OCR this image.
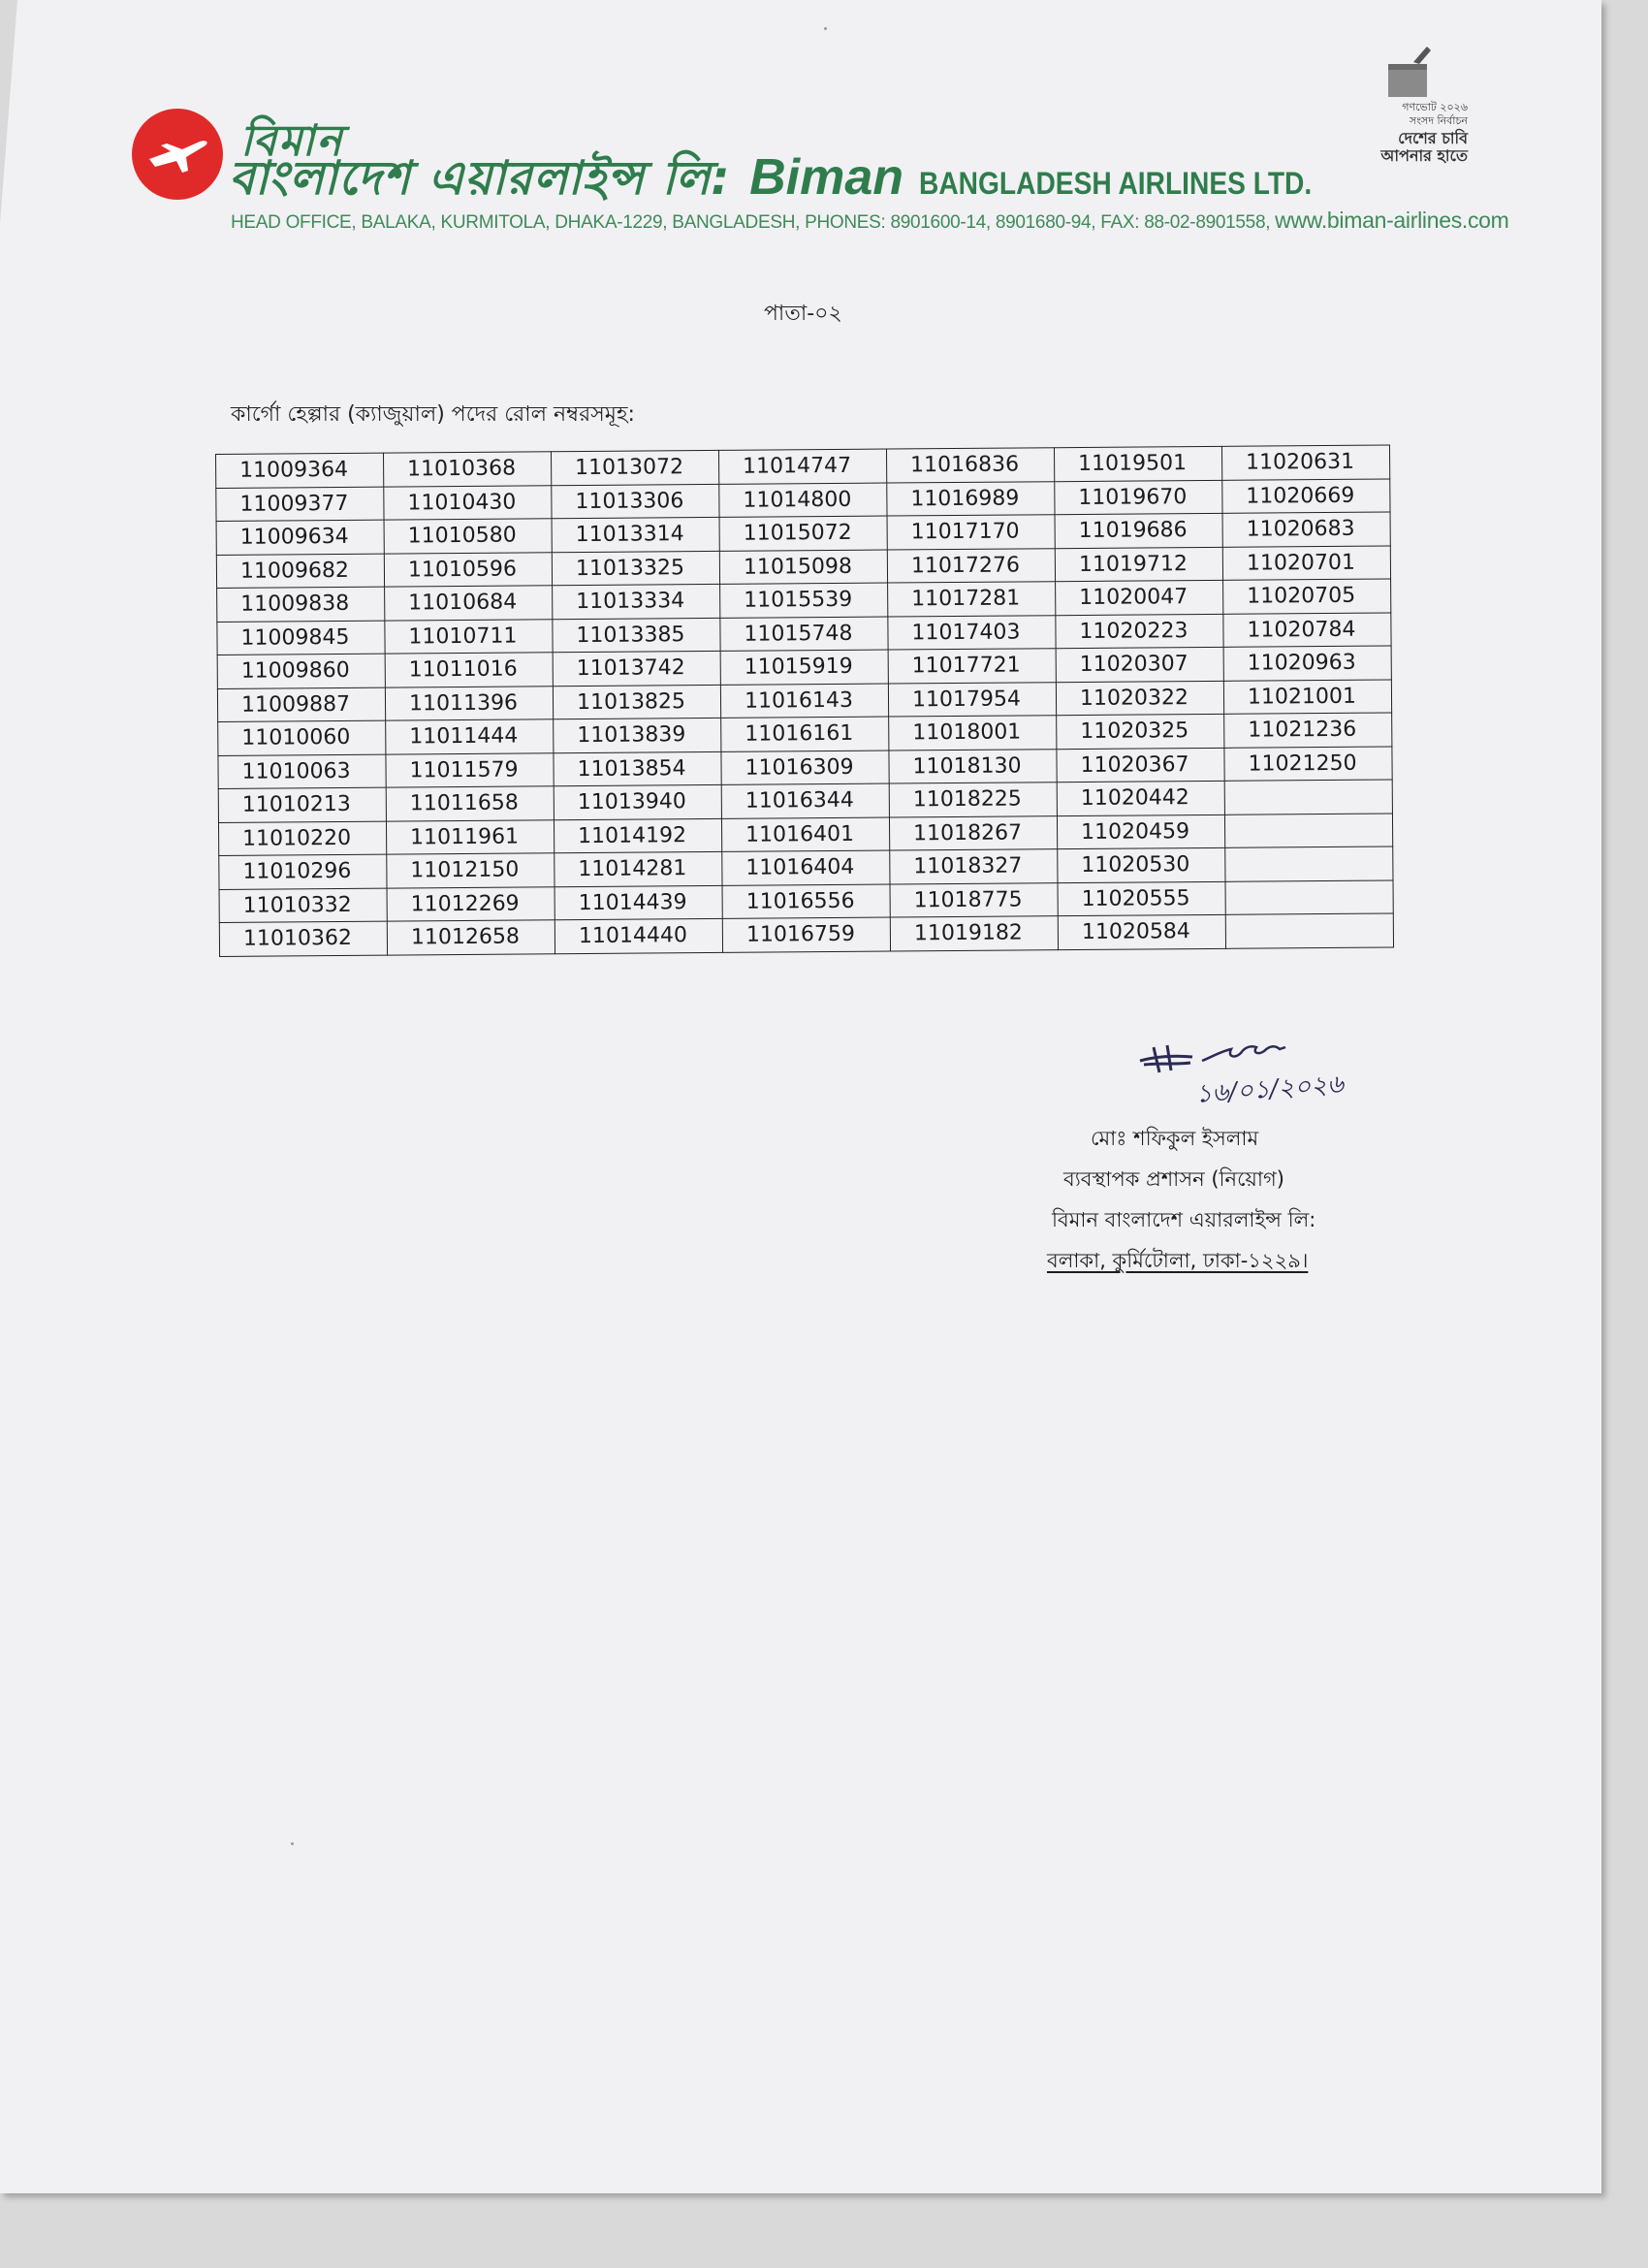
বিমান
বাংলাদেশ এয়ারলাইন্স লি: Biman BANGLADESH AIRLINES LTD.
HEAD OFFICE, BALAKA, KURMITOLA, DHAKA-1229, BANGLADESH, PHONES: 8901600-14, 8901680-94, FAX: 88-02-8901558, www.biman-airlines.com
গণভোট ২০২৬
সংসদ নির্বাচন
দেশের চাবি
আপনার হাতে
পাতা-০২
কার্গো হেল্পার (ক্যাজুয়াল) পদের রোল নম্বরসমূহ:
11009364	11010368	11013072	11014747	11016836	11019501	11020631
11009377	11010430	11013306	11014800	11016989	11019670	11020669
11009634	11010580	11013314	11015072	11017170	11019686	11020683
11009682	11010596	11013325	11015098	11017276	11019712	11020701
11009838	11010684	11013334	11015539	11017281	11020047	11020705
11009845	11010711	11013385	11015748	11017403	11020223	11020784
11009860	11011016	11013742	11015919	11017721	11020307	11020963
11009887	11011396	11013825	11016143	11017954	11020322	11021001
11010060	11011444	11013839	11016161	11018001	11020325	11021236
11010063	11011579	11013854	11016309	11018130	11020367	11021250
11010213	11011658	11013940	11016344	11018225	11020442	
11010220	11011961	11014192	11016401	11018267	11020459	
11010296	11012150	11014281	11016404	11018327	11020530	
11010332	11012269	11014439	11016556	11018775	11020555	
11010362	11012658	11014440	11016759	11019182	11020584	
১৬/০১/২০২৬
মোঃ শফিকুল ইসলাম
ব্যবস্থাপক প্রশাসন (নিয়োগ)
বিমান বাংলাদেশ এয়ারলাইন্স লি:
বলাকা, কুর্মিটোলা, ঢাকা-১২২৯।
